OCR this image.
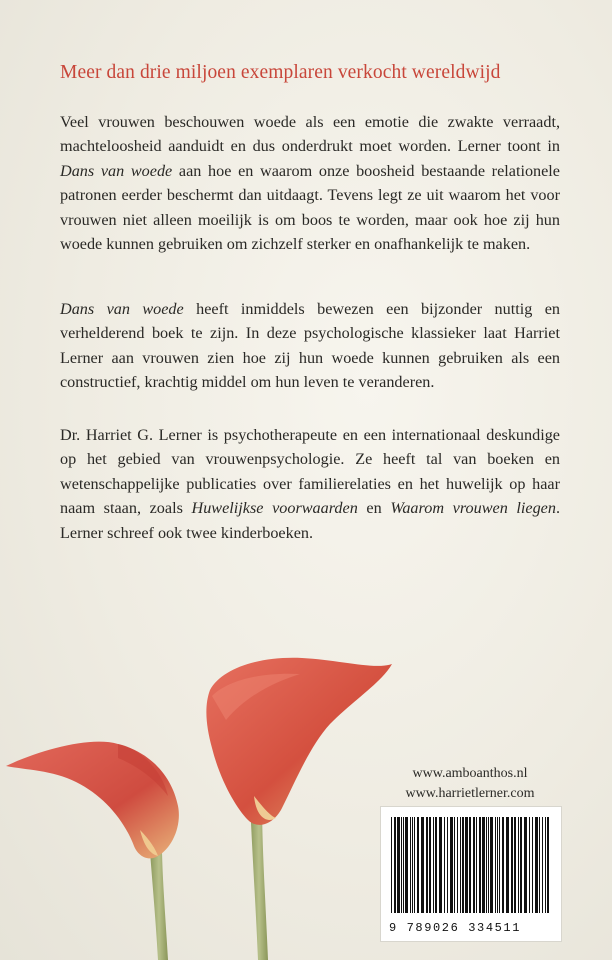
Meer dan drie miljoen exemplaren verkocht wereldwijd

Veel vrouwen beschouwen woede als een emotie die zwakte verraadt, machteloosheid aanduidt en dus onderdrukt moet worden. Lerner toont in Dans van woede aan hoe en waarom onze boosheid bestaande relationele patronen eerder beschermt dan uitdaagt. Tevens legt ze uit waarom het voor vrouwen niet alleen moeilijk is om boos te worden, maar ook hoe zij hun woede kunnen gebruiken om zichzelf sterker en onafhankelijk te maken.

Dans van woede heeft inmiddels bewezen een bijzonder nuttig en verhelderend boek te zijn. In deze psychologische klassieker laat Harriet Lerner aan vrouwen zien hoe zij hun woede kunnen gebruiken als een constructief, krachtig middel om hun leven te veranderen.

Dr. Harriet G. Lerner is psychotherapeute en een internationaal deskundige op het gebied van vrouwenpsychologie. Ze heeft tal van boeken en wetenschappelijke publicaties over familierelaties en het huwelijk op haar naam staan, zoals Huwelijkse voorwaarden en Waarom vrouwen liegen. Lerner schreef ook twee kinderboeken.

www.amboanthos.nl
www.harrietlerner.com
9 789026 334511
